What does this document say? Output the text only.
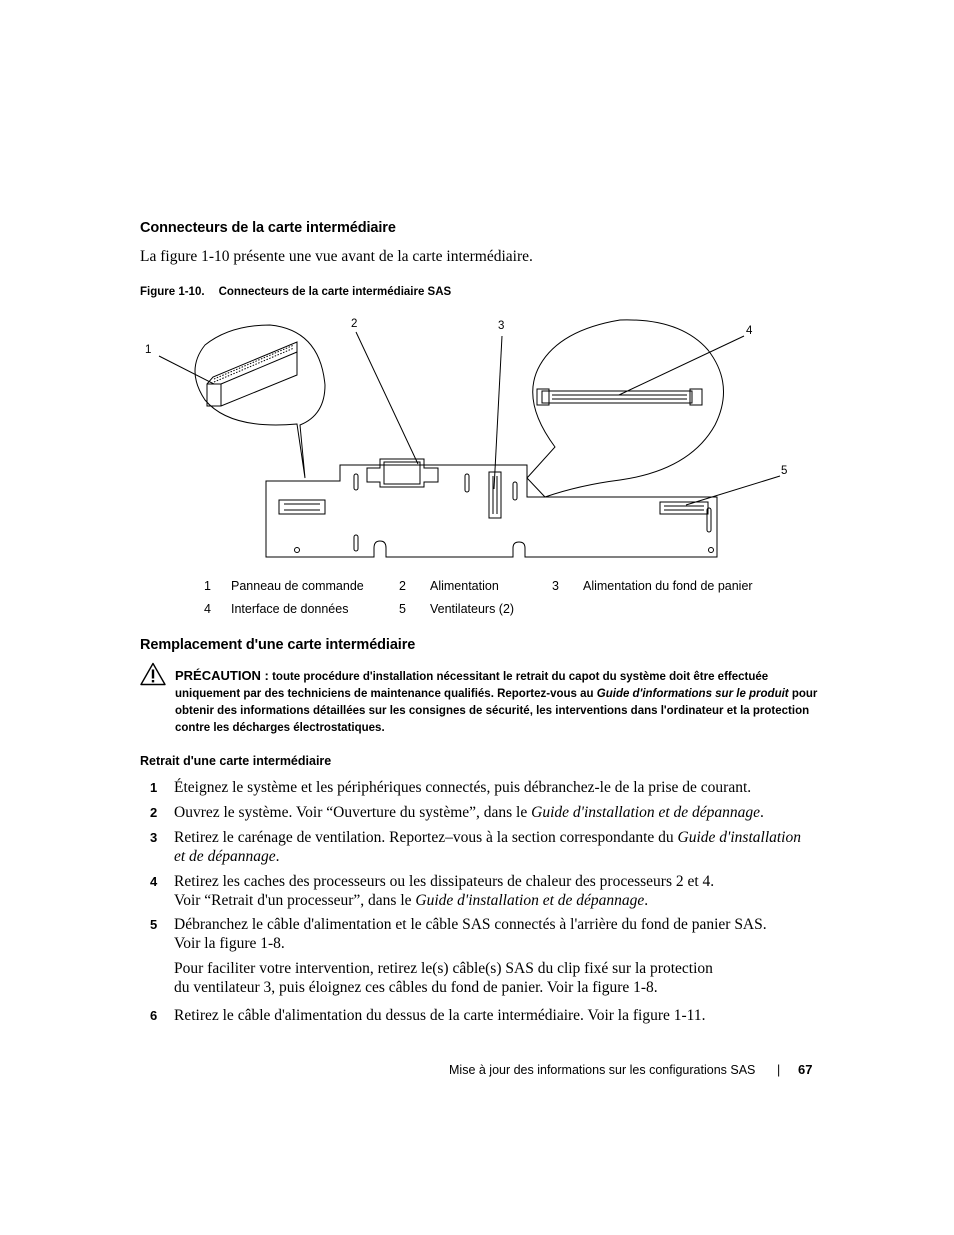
Connecteurs de la carte intermédiaire
La figure 1-10 présente une vue avant de la carte intermédiaire.
Figure 1-10. Connecteurs de la carte intermédiaire SAS
1
2	3	4
5
1 Panneau de commande	2 Alimentation	3 Alimentation du fond de panier
4 Interface de données	5 Ventilateurs (2)
Remplacement d'une carte intermédiaire
PRÉCAUTION : toute procédure d'installation nécessitant le retrait du capot du système doit être effectuée uniquement par des techniciens de maintenance qualifiés. Reportez-vous au Guide d'informations sur le produit pour obtenir des informations détaillées sur les consignes de sécurité, les interventions dans l'ordinateur et la protection contre les décharges électrostatiques.
Retrait d'une carte intermédiaire
1 Éteignez le système et les périphériques connectés, puis débranchez-le de la prise de courant.
2 Ouvrez le système. Voir “Ouverture du système”, dans le Guide d'installation et de dépannage.
3 Retirez le carénage de ventilation. Reportez–vous à la section correspondante du Guide d'installation et de dépannage.
4 Retirez les caches des processeurs ou les dissipateurs de chaleur des processeurs 2 et 4.
Voir “Retrait d'un processeur”, dans le Guide d'installation et de dépannage.
5 Débranchez le câble d'alimentation et le câble SAS connectés à l'arrière du fond de panier SAS.
Voir la figure 1-8.
Pour faciliter votre intervention, retirez le(s) câble(s) SAS du clip fixé sur la protection
du ventilateur 3, puis éloignez ces câbles du fond de panier. Voir la figure 1-8.
6 Retirez le câble d'alimentation du dessus de la carte intermédiaire. Voir la figure 1-11.
Mise à jour des informations sur les configurations SAS | 67
